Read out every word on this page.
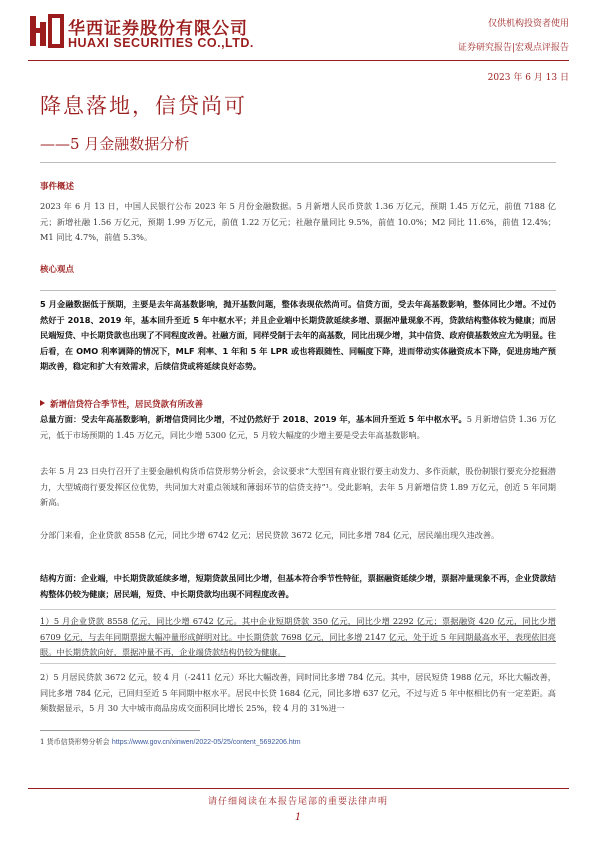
华西证券股份有限公司
HUAXI SECURITIES CO.,LTD.
仅供机构投资者使用
证券研究报告|宏观点评报告
2023 年 6 月 13 日
降息落地，信贷尚可
——5 月金融数据分析
事件概述
2023 年 6 月 13 日，中国人民银行公布 2023 年 5 月份金融数据。5 月新增人民币贷款 1.36 万亿元，预期 1.45 万亿元，前值 7188 亿元；新增社融 1.56 万亿元，预期 1.99 万亿元，前值 1.22 万亿元；社融存量同比 9.5%，前值 10.0%；M2 同比 11.6%，前值 12.4%；M1 同比 4.7%，前值 5.3%。
核心观点
5 月金融数据低于预期，主要是去年高基数影响，抛开基数问题，整体表现依然尚可。信贷方面，受去年高基数影响，整体同比少增。不过仍然好于 2018、2019 年，基本回升至近 5 年中枢水平；并且企业端中长期贷款延续多增、票据冲量现象不再，贷款结构整体较为健康；而居民端短贷、中长期贷款也出现了不同程度改善。社融方面，同样受制于去年的高基数，同比出现少增，其中信贷、政府债基数效应尤为明显。往后看，在 OMO 利率调降的情况下，MLF 利率、1 年和 5 年 LPR 或也将跟随性、同幅度下降，进而带动实体融资成本下降，促进房地产预期改善，稳定和扩大有效需求，后续信贷或将延续良好态势。
新增信贷符合季节性，居民贷款有所改善
总量方面：受去年高基数影响，新增信贷同比少增，不过仍然好于 2018、2019 年，基本回升至近 5 年中枢水平。5 月新增信贷 1.36 万亿元，低于市场预期的 1.45 万亿元，同比少增 5300 亿元，5 月较大幅度的少增主要是受去年高基数影响。
去年 5 月 23 日央行召开了主要金融机构货币信贷形势分析会，会议要求“大型国有商业银行要主动发力、多作贡献，股份制银行要充分挖掘潜力，大型城商行要发挥区位优势，共同加大对重点领域和薄弱环节的信贷支持”¹。受此影响，去年 5 月新增信贷 1.89 万亿元，创近 5 年同期新高。
分部门来看，企业贷款 8558 亿元，同比少增 6742 亿元；居民贷款 3672 亿元，同比多增 784 亿元，居民端出现久违改善。
结构方面：企业端，中长期贷款延续多增，短期贷款虽同比少增，但基本符合季节性特征，票据融资延续少增，票据冲量现象不再，企业贷款结构整体仍较为健康；居民端，短贷、中长期贷款均出现不同程度改善。
1）5 月企业贷款 8558 亿元，同比少增 6742 亿元。其中企业短期贷款 350 亿元，同比少增 2292 亿元；票据融资 420 亿元，同比少增 6709 亿元，与去年同期票据大幅冲量形成鲜明对比。中长期贷款 7698 亿元，同比多增 2147 亿元，处于近 5 年同期最高水平，表现依旧亮眼。中长期贷款向好，票据冲量不再，企业端贷款结构仍较为健康。
2）5 月居民贷款 3672 亿元，较 4 月（-2411 亿元）环比大幅改善，同时同比多增 784 亿元。其中，居民短贷 1988 亿元，环比大幅改善，同比多增 784 亿元，已回归至近 5 年同期中枢水平。居民中长贷 1684 亿元，同比多增 637 亿元，不过与近 5 年中枢相比仍有一定差距。高频数据显示，5 月 30 大中城市商品房成交面积同比增长 25%，较 4 月的 31%进一
1 货币信贷形势分析会 https://www.gov.cn/xinwen/2022-05/25/content_5692206.htm
请仔细阅读在本报告尾部的重要法律声明
1
